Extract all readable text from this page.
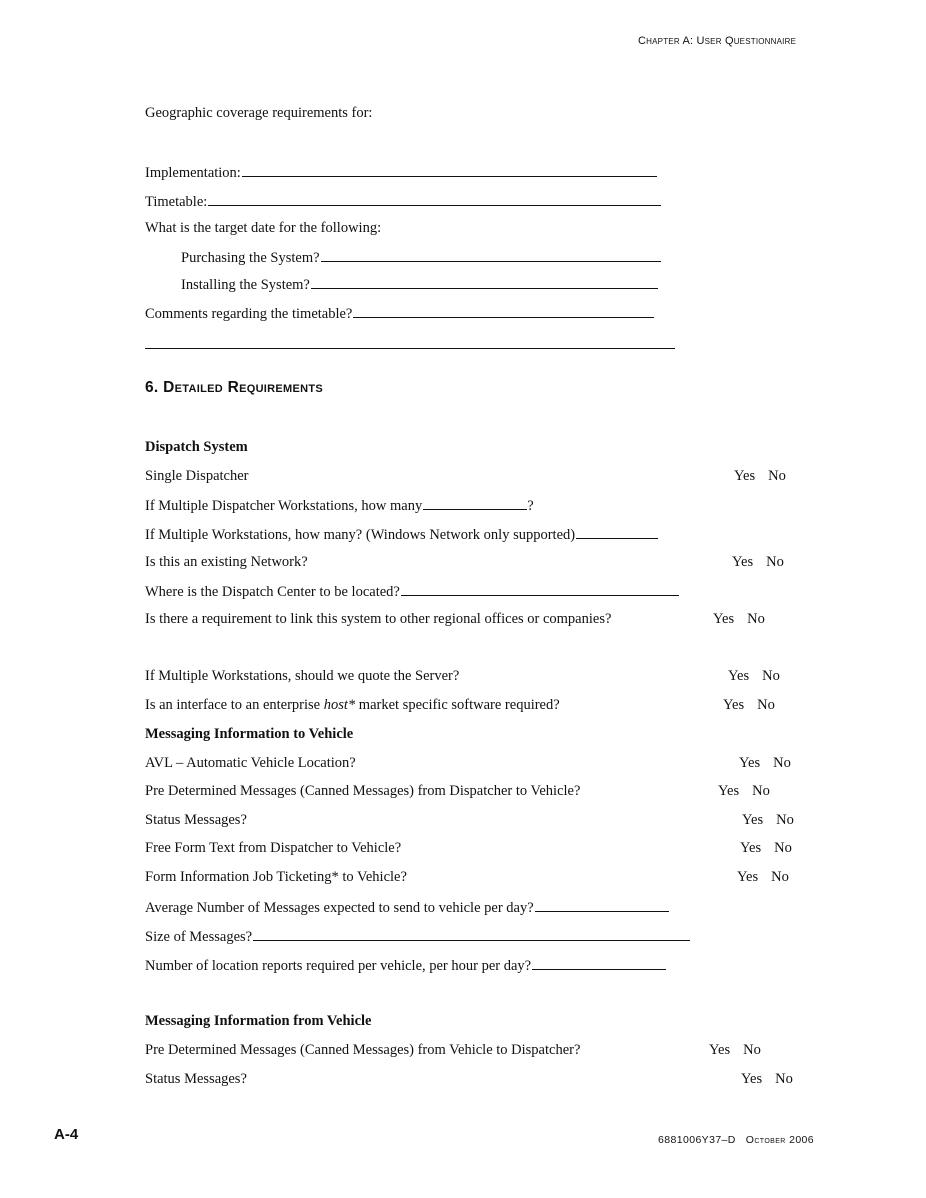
Chapter A: User Questionnaire
Geographic coverage requirements for:
Implementation:
Timetable:
What is the target date for the following:
Purchasing the System?
Installing the System?
Comments regarding the timetable?
6. Detailed Requirements
Dispatch System
Single Dispatcher	Yes No
If Multiple Dispatcher Workstations, how many	?
If Multiple Workstations, how many? (Windows Network only supported)
Is this an existing Network?	Yes No
Where is the Dispatch Center to be located?
Is there a requirement to link this system to other regional offices or companies?	Yes No
If Multiple Workstations, should we quote the Server?	Yes No
Is an interface to an enterprise host* market specific software required?	Yes No
Messaging Information to Vehicle
AVL – Automatic Vehicle Location?	Yes No
Pre Determined Messages (Canned Messages) from Dispatcher to Vehicle?	Yes No
Status Messages?	Yes No
Free Form Text from Dispatcher to Vehicle?	Yes No
Form Information Job Ticketing* to Vehicle?	Yes No
Average Number of Messages expected to send to vehicle per day?
Size of Messages?
Number of location reports required per vehicle, per hour per day?
Messaging Information from Vehicle
Pre Determined Messages (Canned Messages) from Vehicle to Dispatcher?	Yes No
Status Messages?	Yes No
A-4	6881006Y37–D October 2006
